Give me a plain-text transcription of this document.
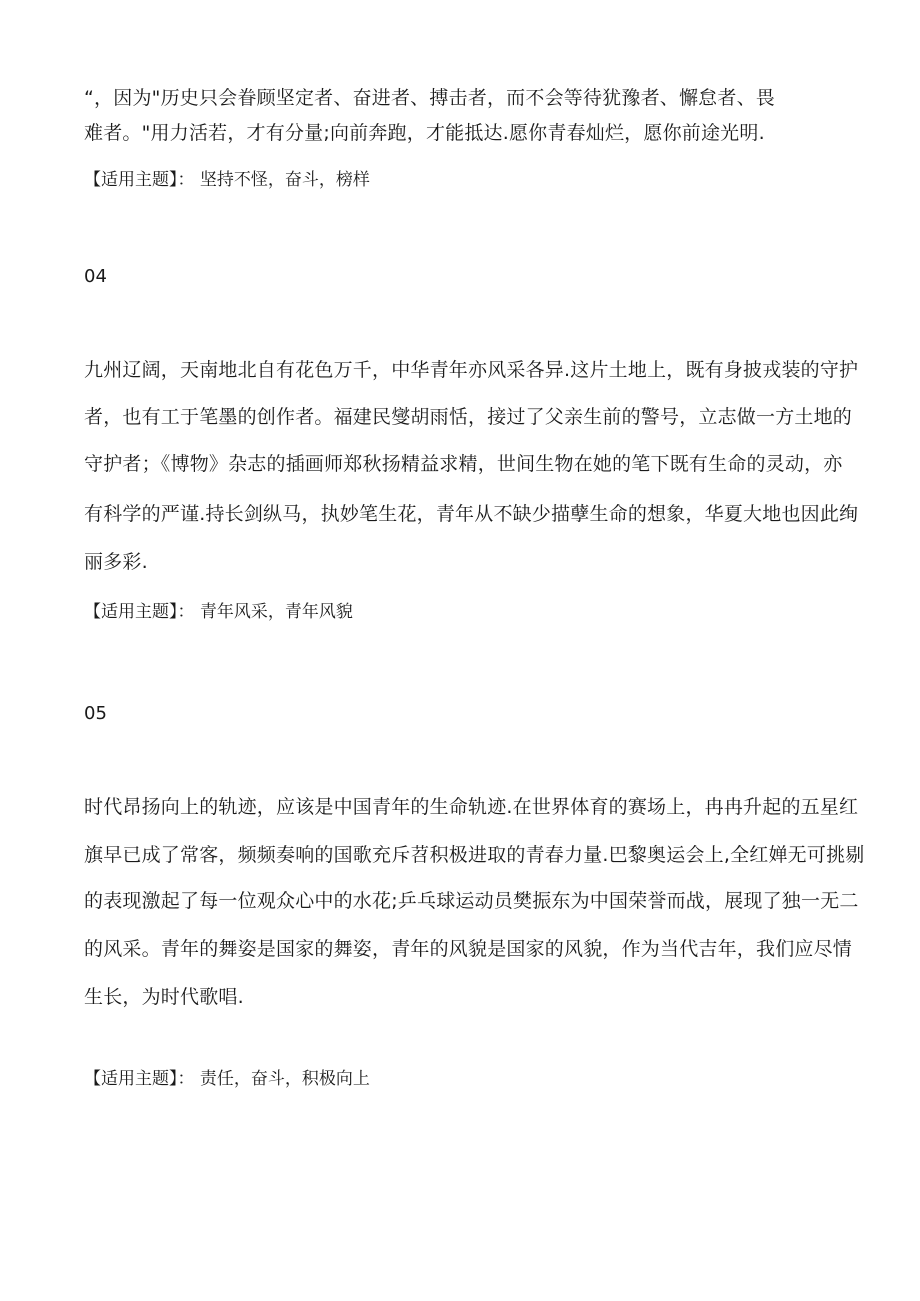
“，因为"历史只会眷顾坚定者、奋进者、搏击者，而不会等待犹豫者、懈怠者、畏
难者。"用力活若，才有分量;向前奔跑，才能抵达.愿你青春灿烂，愿你前途光明.
【适用主题】： 坚持不怪，奋斗，榜样
04
九州辽阔，天南地北自有花色万千，中华青年亦风采各异.这片土地上，既有身披戎装的守护
者，也有工于笔墨的创作者。福建民燮胡雨恬，接过了父亲生前的警号，立志做一方土地的
守护者；《博物》杂志的插画师郑秋扬精益求精，世间生物在她的笔下既有生命的灵动，亦
有科学的严谨.持长剑纵马，执妙笔生花，青年从不缺少描孽生命的想象，华夏大地也因此绚
丽多彩.
【适用主题】： 青年风采，青年风貌
05
时代昂扬向上的轨迹，应该是中国青年的生命轨迹.在世界体育的赛场上，冉冉升起的五星红
旗早已成了常客，频频奏响的国歌充斥苕积极进取的青春力量.巴黎奥运会上,全红婵无可挑剔
的表现激起了每一位观众心中的水花;乒乓球运动员樊振东为中国荣誉而战，展现了独一无二
的风采。青年的舞姿是国家的舞姿，青年的风貌是国家的风貌，作为当代吉年，我们应尽情
生长，为时代歌唱.
【适用主题】： 责任，奋斗，积极向上
